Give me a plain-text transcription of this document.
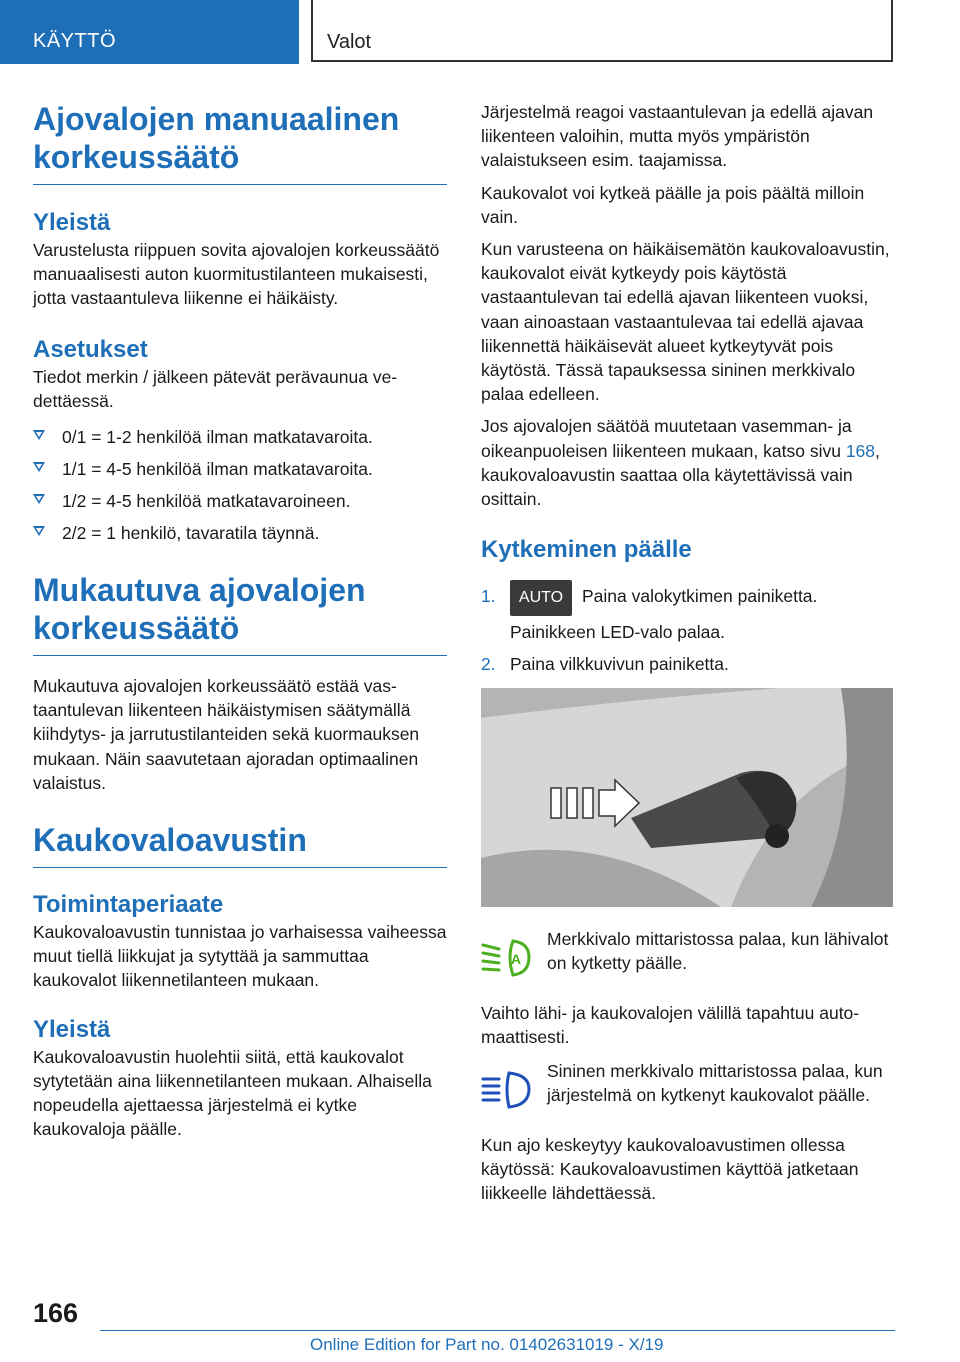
KÄYTTÖ	Valot
Ajovalojen manuaalinen korkeussäätö
Yleistä

Varustelusta riippuen sovita ajovalojen korkeussäätö manuaalisesti auton kuormitustilanteen mukaisesti, jotta vastaantuleva liikenne ei häikäisty.

Asetukset

Tiedot merkin / jälkeen pätevät perävaunua vedettäessä.

0/1 = 1-2 henkilöä ilman matkatavaroita.
1/1 = 4-5 henkilöä ilman matkatavaroita.
1/2 = 4-5 henkilöä matkatavaroineen.
2/2 = 1 henkilö, tavaratila täynnä.
Mukautuva ajovalojen korkeussäätö

Mukautuva ajovalojen korkeussäätö estää vastaantulevan liikenteen häikäistymisen säätymällä kiihdytys- ja jarrutustilanteiden sekä kuormauksen mukaan. Näin saavutetaan ajoradan optimaalinen valaistus.

Kaukovaloavustin
Toimintaperiaate

Kaukovaloavustin tunnistaa jo varhaisessa vaiheessa muut tiellä liikkujat ja sytyttää ja sammuttaa kaukovalot liikennetilanteen mukaan.

Yleistä

Kaukovaloavustin huolehtii siitä, että kaukovalot sytytetään aina liikennetilanteen mukaan. Alhaisella nopeudella ajettaessa järjestelmä ei kytke kaukovaloja päälle.

Järjestelmä reagoi vastaantulevan ja edellä ajavan liikenteen valoihin, mutta myös ympäristön valaistukseen esim. taajamissa.

Kaukovalot voi kytkeä päälle ja pois päältä milloin vain.

Kun varusteena on häikäisemätön kaukovaloavustin, kaukovalot eivät kytkeydy pois käytöstä vastaantulevan tai edellä ajavan liikenteen vuoksi, vaan ainoastaan vastaantulevaa tai edellä ajavaa liikennettä häikäisevät alueet kytkeytyvät pois käytöstä. Tässä tapauksessa sininen merkkivalo palaa edelleen.

Jos ajovalojen säätöä muutetaan vasemman- ja oikeanpuoleisen liikenteen mukaan, katso sivu 168, kaukovaloavustin saattaa olla käytettävissä vain osittain.

Kytkeminen päälle
1. AUTO Paina valokytkimen painiketta.
Painikkeen LED-valo palaa.
2. Paina vilkkuvivun painiketta.
A

Merkkivalo mittaristossa palaa, kun lähivalot on kytketty päälle.

Vaihto lähi- ja kaukovalojen välillä tapahtuu automaattisesti.

Sininen merkkivalo mittaristossa palaa, kun järjestelmä on kytkenyt kaukovalot päälle.

Kun ajo keskeytyy kaukovaloavustimen ollessa käytössä: Kaukovaloavustimen käyttöä jatketaan liikkeelle lähdettäessä.

166
Online Edition for Part no. 01402631019 - X/19
